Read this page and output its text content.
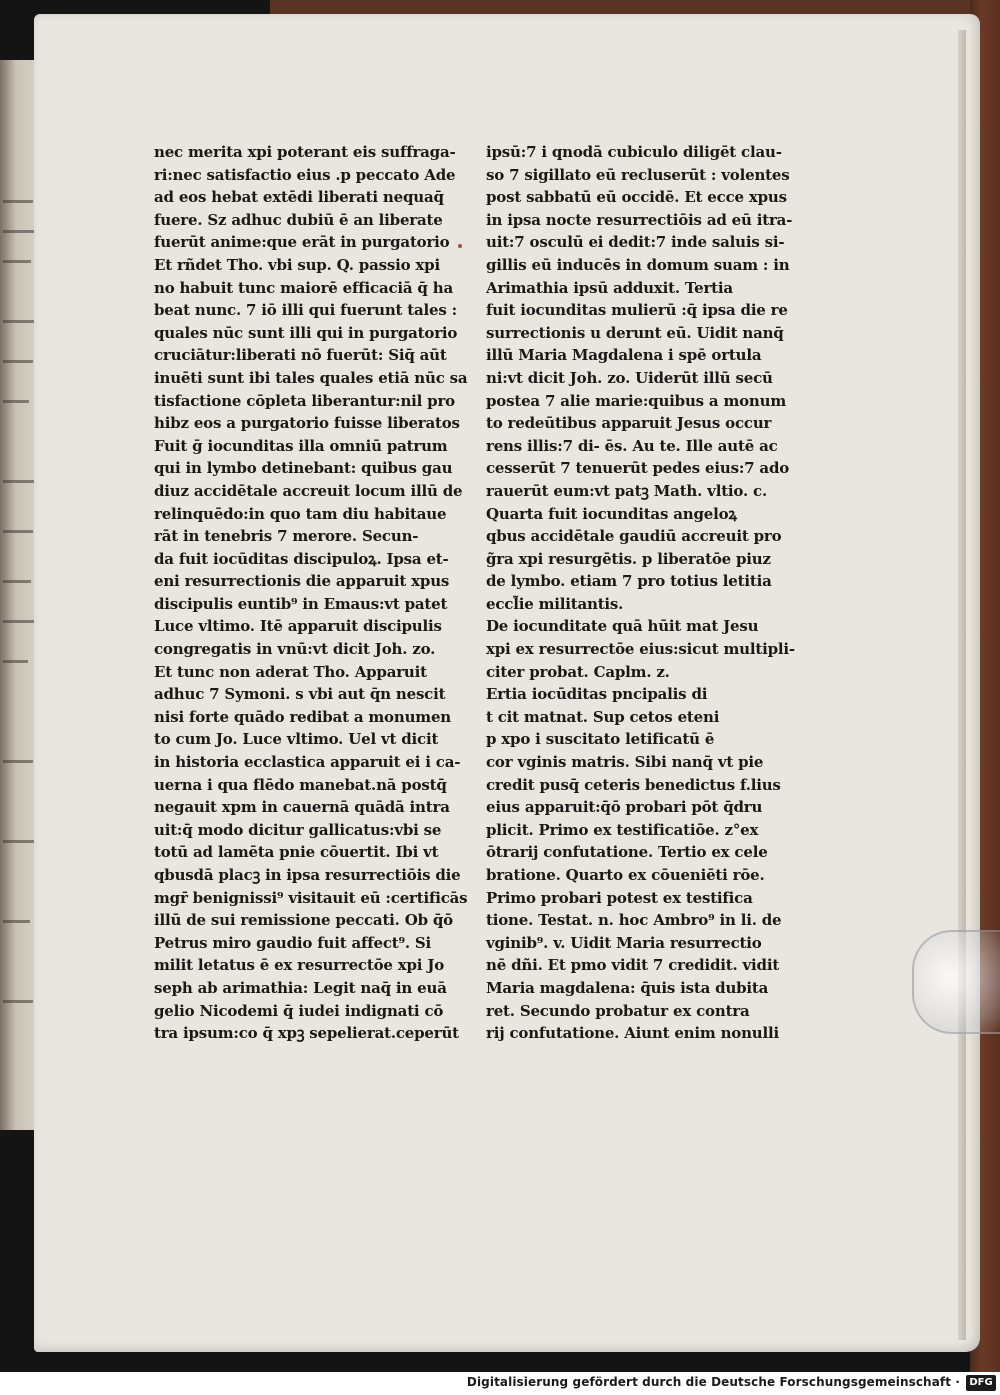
nec merita xpi poterant eis suffraga-
ri:nec satisfactio eius .p peccato Ade
ad eos hebat extēdi liberati nequaq̄
fuere. Sz adhuc dubiū ē an liberate
fuerūt anime:que erāt in purgatorio
Et rñdet Tho. vbi sup. Q. passio xpi
no habuit tunc maiorē efficaciā q̄ ha
beat nunc. 7 iō illi qui fuerunt tales :
quales nūc sunt illi qui in purgatorio
cruciātur:liberati nō fuerūt: Siq̄ aūt
inuēti sunt ibi tales quales etiā nūc sa
tisfactione cōpleta liberantur:nil pro
hibz eos a purgatorio fuisse liberatos
Fuit ḡ iocunditas illa omniū patrum
qui in lymbo detinebant: quibus gau
diuz accidētale accreuit locum illū de
relinquēdo:in quo tam diu habitaue
rāt in tenebris 7 merore. Secun-
da fuit iocūditas discipuloꝝ. Ipsa et-
eni resurrectionis die apparuit xpus
discipulis euntib⁹ in Emaus:vt patet
Luce vltimo. Itē apparuit discipulis
congregatis in vnū:vt dicit Joh. zo.
Et tunc non aderat Tho. Apparuit
adhuc 7 Symoni. s vbi aut q̄n nescit
nisi forte quādo redibat a monumen
to cum Jo. Luce vltimo. Uel vt dicit
in historia ecclastica apparuit ei i ca-
uerna i qua flēdo manebat.nā postq̄
negauit xpm in cauernā quādā intra
uit:q̄ modo dicitur gallicatus:vbi se
totū ad lamēta pnie cōuertit. Ibi vt
qbusdā placꝫ in ipsa resurrectiōis die
mgr̄ benignissi⁹ visitauit eū :certificās
illū de sui remissione peccati. Ob q̄ō
Petrus miro gaudio fuit affect⁹. Si
milit letatus ē ex resurrectōe xpi Jo
seph ab arimathia: Legit naq̄ in euā
gelio Nicodemi q̄ iudei indignati cō
tra ipsum:co q̄ xpꝫ sepelierat.ceperūt
ipsū:7 i qnodā cubiculo diligēt clau-
so 7 sigillato eū recluserūt : volentes
post sabbatū eū occidē. Et ecce xpus
in ipsa nocte resurrectiōis ad eū itra-
uit:7 osculū ei dedit:7 inde saluis si-
gillis eū inducēs in domum suam : in
Arimathia ipsū adduxit. Tertia
fuit iocunditas mulierū :q̄ ipsa die re
surrectionis u derunt eū. Uidit nanq̄
illū Maria Magdalena i spē ortula
ni:vt dicit Joh. zo. Uiderūt illū secū
postea 7 alie marie:quibus a monum
to redeūtibus apparuit Jesus occur
rens illis:7 di- ēs. Au te. Ille autē ac
cesserūt 7 tenuerūt pedes eius:7 ado
rauerūt eum:vt patꝫ Math. vltio. c.
Quarta fuit iocunditas angeloꝝ
qbus accidētale gaudiū accreuit pro
g̃ra xpi resurgētis. p liberatōe piuz
de lymbo. etiam 7 pro totius letitia
eccl̃ie militantis.
De iocunditate quā hūit mat Jesu
xpi ex resurrectōe eius:sicut multipli-
citer probat. Caplm. z.
Ertia iocūditas pncipalis di
t cit matnat. Sup cetos eteni
p xpo i suscitato letificatū ē
cor vginis matris. Sibi nanq̄ vt pie
credit pusq̄ ceteris benedictus f.lius
eius apparuit:q̄ō probari pōt q̄dru
plicit. Primo ex testificatiōe. z°ex
ōtrarij confutatione. Tertio ex cele
bratione. Quarto ex cōueniēti rōe.
Primo probari potest ex testifica
tione. Testat. n. hoc Ambro⁹ in li. de
vginib⁹. v. Uidit Maria resurrectio
nē dñi. Et pmo vidit 7 credidit. vidit
Maria magdalena: q̄uis ista dubita
ret. Secundo probatur ex contra
rij confutatione. Aiunt enim nonulli
Digitalisierung gefördert durch die Deutsche Forschungsgemeinschaft · DFG
